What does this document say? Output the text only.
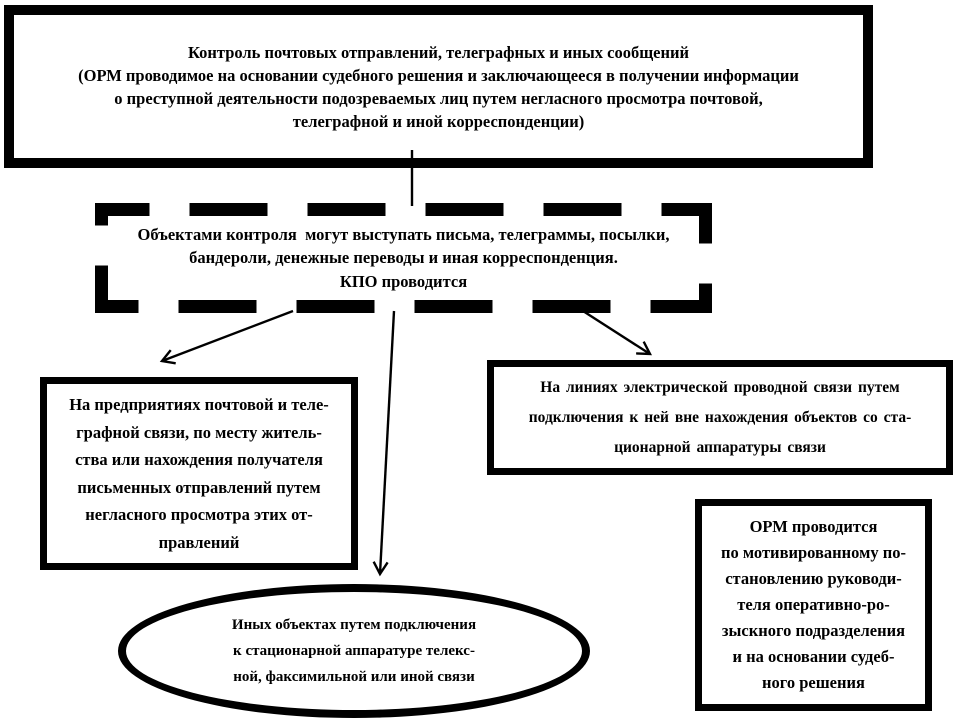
Контроль почтовых отправлений, телеграфных и иных сообщений
(ОРМ проводимое на основании судебного решения и заключающееся в получении информации
о преступной деятельности подозреваемых лиц путем негласного просмотра почтовой,
телеграфной и иной корреспонденции)
Объектами контроля  могут выступать письма, телеграммы, посылки,
бандероли, денежные переводы и иная корреспонденция.
КПО проводится
На предприятиях почтовой и теле-
графной связи, по месту житель-
ства или нахождения получателя
письменных отправлений путем
негласного просмотра этих от-
правлений
На линиях электрической проводной связи путем
подключения к ней вне нахождения объектов со ста-
ционарной аппаратуры связи
Иных объектах путем подключения
к стационарной аппаратуре телекс-
ной, факсимильной или иной связи
ОРМ проводится
по мотивированному по-
становлению руководи-
теля оперативно-ро-
зыскного подразделения
и на основании судеб-
ного решения
